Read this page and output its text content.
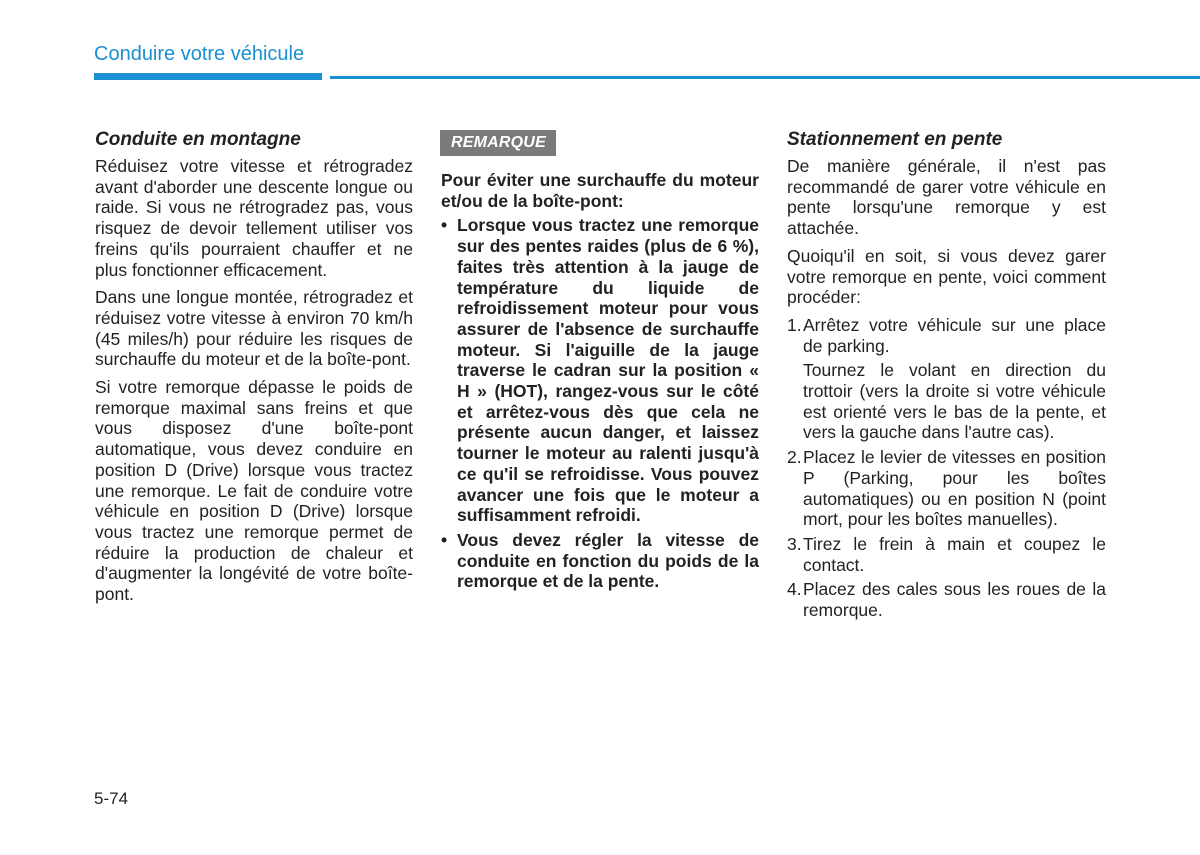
Conduire votre véhicule
Conduite en montagne

Réduisez votre vitesse et rétrogradez avant d'aborder une descente longue ou raide. Si vous ne rétrogradez pas, vous risquez de devoir tellement utiliser vos freins qu'ils pourraient chauffer et ne plus fonctionner efficacement.

Dans une longue montée, rétrogradez et réduisez votre vitesse à environ 70 km/h (45 miles/h) pour réduire les risques de surchauffe du moteur et de la boîte-pont.

Si votre remorque dépasse le poids de remorque maximal sans freins et que vous disposez d'une boîte-pont automatique, vous devez conduire en position D (Drive) lorsque vous tractez une remorque. Le fait de conduire votre véhicule en position D (Drive) lorsque vous tractez une remorque permet de réduire la production de chaleur et d'augmenter la longévité de votre boîte-pont.

REMARQUE

Pour éviter une surchauffe du moteur et/ou de la boîte-pont:

• Lorsque vous tractez une remorque sur des pentes raides (plus de 6 %), faites très attention à la jauge de température du liquide de refroidissement moteur pour vous assurer de l'absence de surchauffe moteur. Si l'aiguille de la jauge traverse le cadran sur la position « H » (HOT), rangez-vous sur le côté et arrêtez-vous dès que cela ne présente aucun danger, et laissez tourner le moteur au ralenti jusqu'à ce qu'il se refroidisse. Vous pouvez avancer une fois que le moteur a suffisamment refroidi.
• Vous devez régler la vitesse de conduite en fonction du poids de la remorque et de la pente.
Stationnement en pente

De manière générale, il n'est pas recommandé de garer votre véhicule en pente lorsqu'une remorque y est attachée.

Quoiqu'il en soit, si vous devez garer votre remorque en pente, voici comment procéder:

1. Arrêtez votre véhicule sur une place de parking.
Tournez le volant en direction du trottoir (vers la droite si votre véhicule est orienté vers le bas de la pente, et vers la gauche dans l'autre cas).
2. Placez le levier de vitesses en position P (Parking, pour les boîtes automatiques) ou en position N (point mort, pour les boîtes manuelles).
3. Tirez le frein à main et coupez le contact.
4. Placez des cales sous les roues de la remorque.
5-74
